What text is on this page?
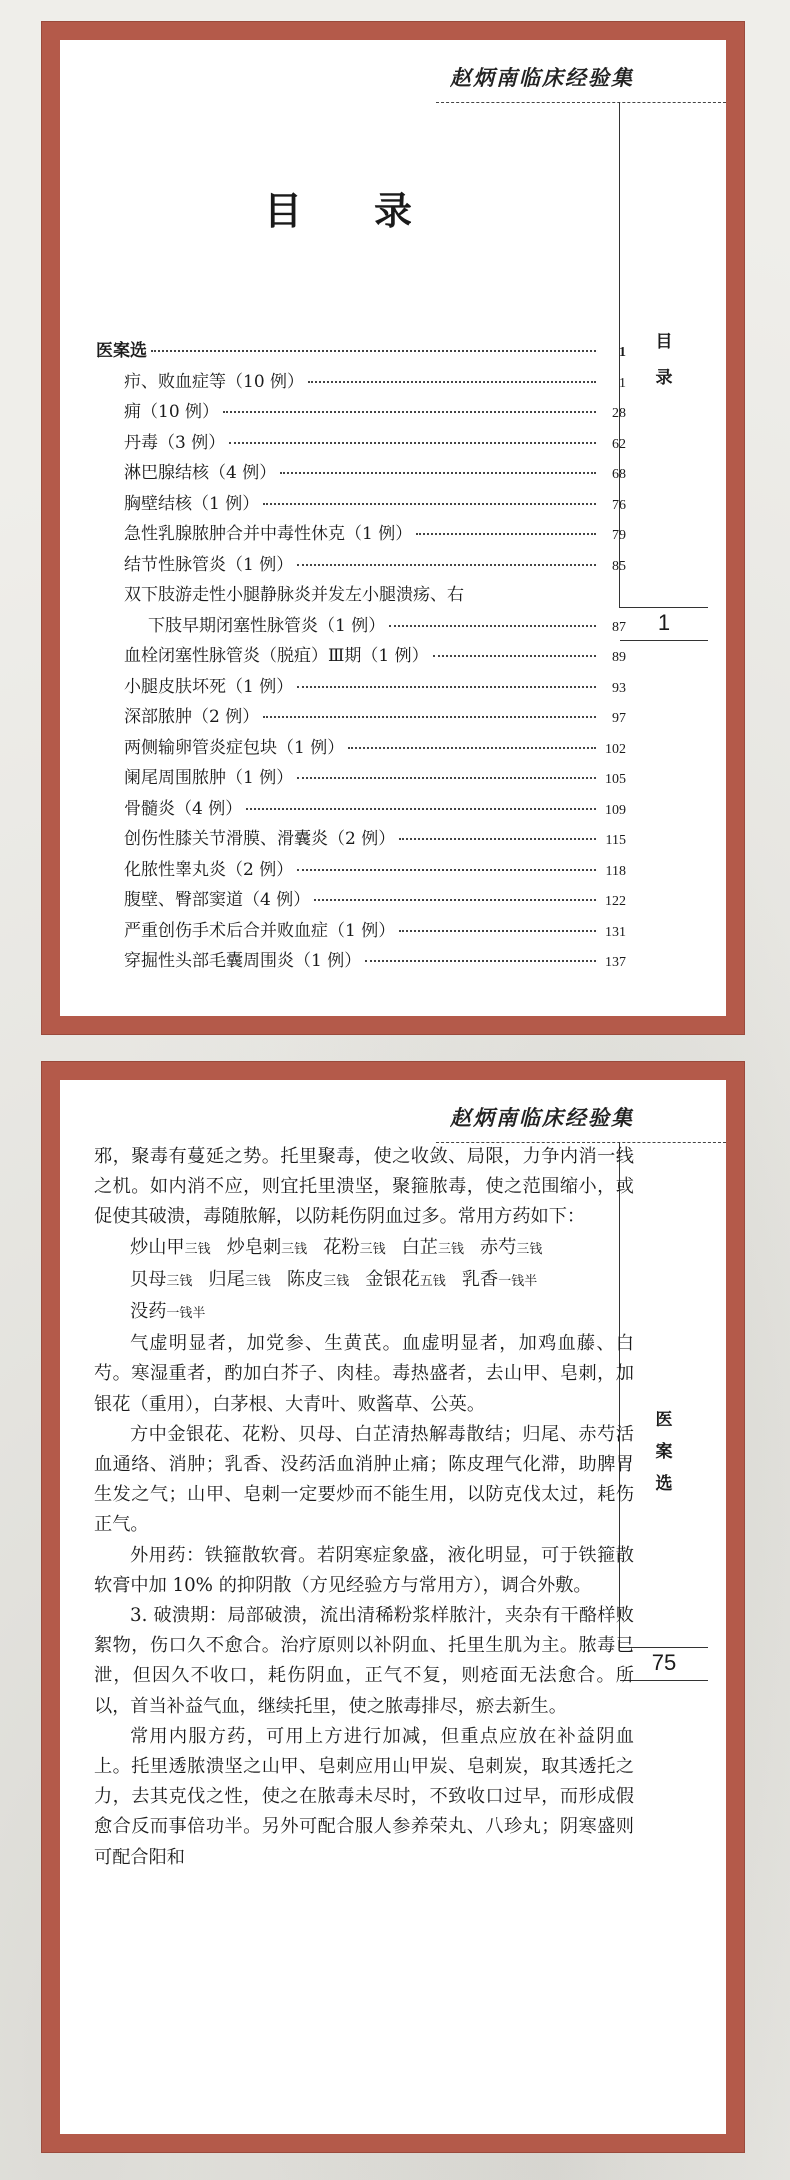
赵炳南临床经验集
目
录
1
目录
医案选	1
疖、败血症等（10 例）	1
痈（10 例）	28
丹毒（3 例）	62
淋巴腺结核（4 例）	68
胸壁结核（1 例）	76
急性乳腺脓肿合并中毒性休克（1 例）	79
结节性脉管炎（1 例）	85
双下肢游走性小腿静脉炎并发左小腿溃疡、右
下肢早期闭塞性脉管炎（1 例）	87
血栓闭塞性脉管炎（脱疽）Ⅲ期（1 例）	89
小腿皮肤坏死（1 例）	93
深部脓肿（2 例）	97
两侧输卵管炎症包块（1 例）	102
阑尾周围脓肿（1 例）	105
骨髓炎（4 例）	109
创伤性膝关节滑膜、滑囊炎（2 例）	115
化脓性睾丸炎（2 例）	118
腹壁、臀部窦道（4 例）	122
严重创伤手术后合并败血症（1 例）	131
穿掘性头部毛囊周围炎（1 例）	137
赵炳南临床经验集
医
案
选
75

邪，聚毒有蔓延之势。托里聚毒，使之收敛、局限，力争内消一线之机。如内消不应，则宜托里溃坚，聚箍脓毒，使之范围缩小，或促使其破溃，毒随脓解，以防耗伤阴血过多。常用方药如下：

炒山甲三钱 炒皂刺三钱 花粉三钱 白芷三钱 赤芍三钱贝母三钱 归尾三钱 陈皮三钱 金银花五钱 乳香一钱半没药一钱半

气虚明显者，加党参、生黄芪。血虚明显者，加鸡血藤、白芍。寒湿重者，酌加白芥子、肉桂。毒热盛者，去山甲、皂刺，加银花（重用），白茅根、大青叶、败酱草、公英。

方中金银花、花粉、贝母、白芷清热解毒散结；归尾、赤芍活血通络、消肿；乳香、没药活血消肿止痛；陈皮理气化滞，助脾胃生发之气；山甲、皂刺一定要炒而不能生用，以防克伐太过，耗伤正气。

外用药：铁箍散软膏。若阴寒症象盛，液化明显，可于铁箍散软膏中加 10% 的抑阴散（方见经验方与常用方），调合外敷。

3. 破溃期：局部破溃，流出清稀粉浆样脓汁，夹杂有干酪样败絮物，伤口久不愈合。治疗原则以补阴血、托里生肌为主。脓毒已泄，但因久不收口，耗伤阴血，正气不复，则疮面无法愈合。所以，首当补益气血，继续托里，使之脓毒排尽，瘀去新生。

常用内服方药，可用上方进行加减，但重点应放在补益阴血上。托里透脓溃坚之山甲、皂刺应用山甲炭、皂刺炭，取其透托之力，去其克伐之性，使之在脓毒未尽时，不致收口过早，而形成假愈合反而事倍功半。另外可配合服人参养荣丸、八珍丸；阴寒盛则可配合阳和
